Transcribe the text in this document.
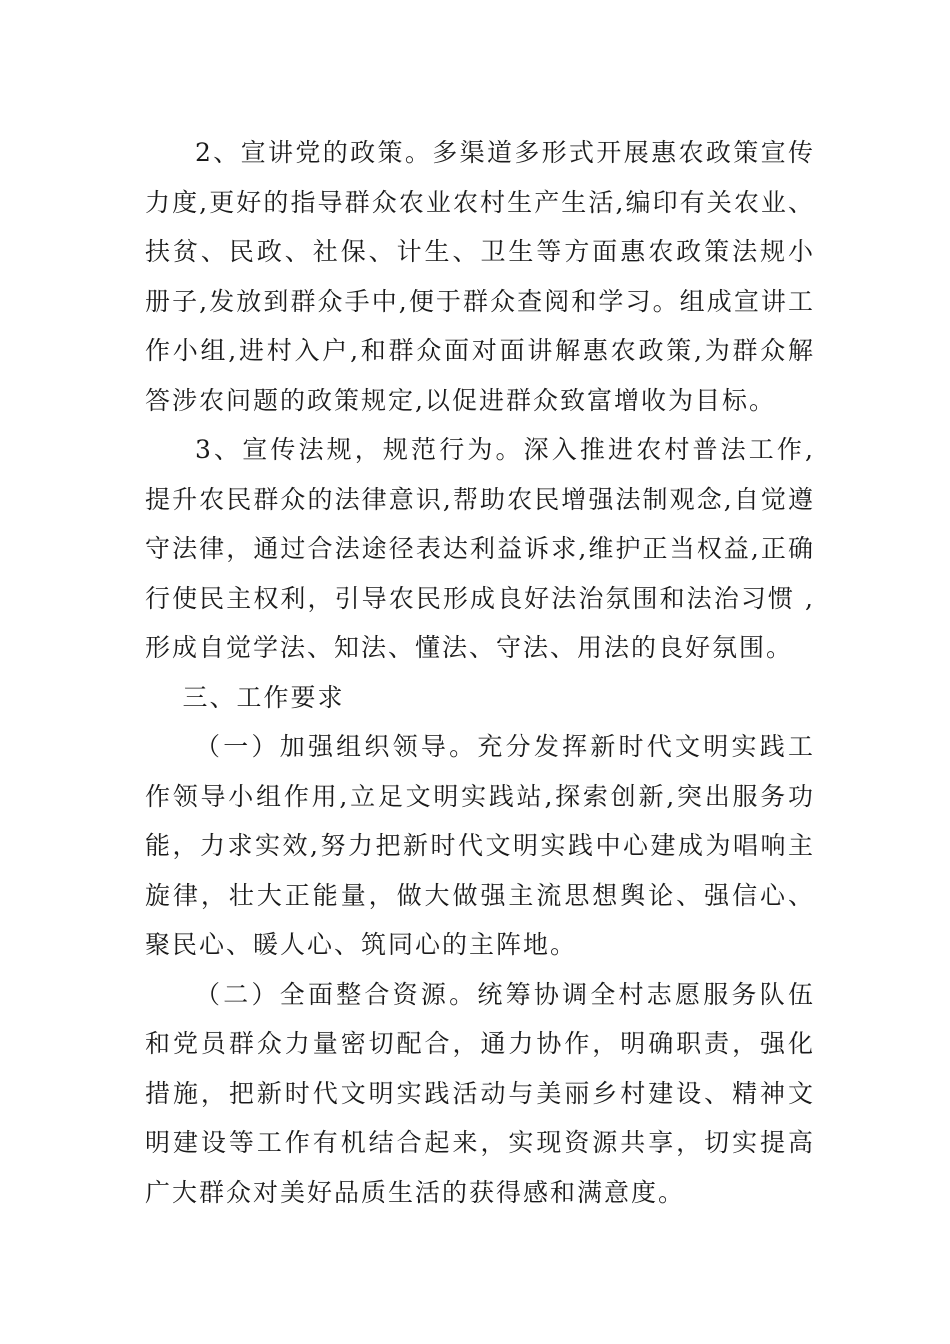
2、宣讲党的政策。多渠道多形式开展惠农政策宣传力度,更好的指导群众农业农村生产生活,编印有关农业、扶贫、民政、社保、计生、卫生等方面惠农政策法规小册子,发放到群众手中,便于群众查阅和学习。组成宣讲工作小组,进村入户,和群众面对面讲解惠农政策,为群众解答涉农问题的政策规定,以促进群众致富增收为目标。

3、宣传法规，规范行为。深入推进农村普法工作,提升农民群众的法律意识,帮助农民增强法制观念,自觉遵守法律，通过合法途径表达利益诉求,维护正当权益,正确行使民主权利，引导农民形成良好法治氛围和法治习惯 ,形成自觉学法、知法、懂法、守法、用法的良好氛围。

三、工作要求

（一）加强组织领导。充分发挥新时代文明实践工作领导小组作用,立足文明实践站,探索创新,突出服务功能，力求实效,努力把新时代文明实践中心建成为唱响主旋律，壮大正能量，做大做强主流思想舆论、强信心、聚民心、暖人心、筑同心的主阵地。

（二）全面整合资源。统筹协调全村志愿服务队伍和党员群众力量密切配合，通力协作，明确职责，强化措施，把新时代文明实践活动与美丽乡村建设、精神文明建设等工作有机结合起来，实现资源共享，切实提高广大群众对美好品质生活的获得感和满意度。
